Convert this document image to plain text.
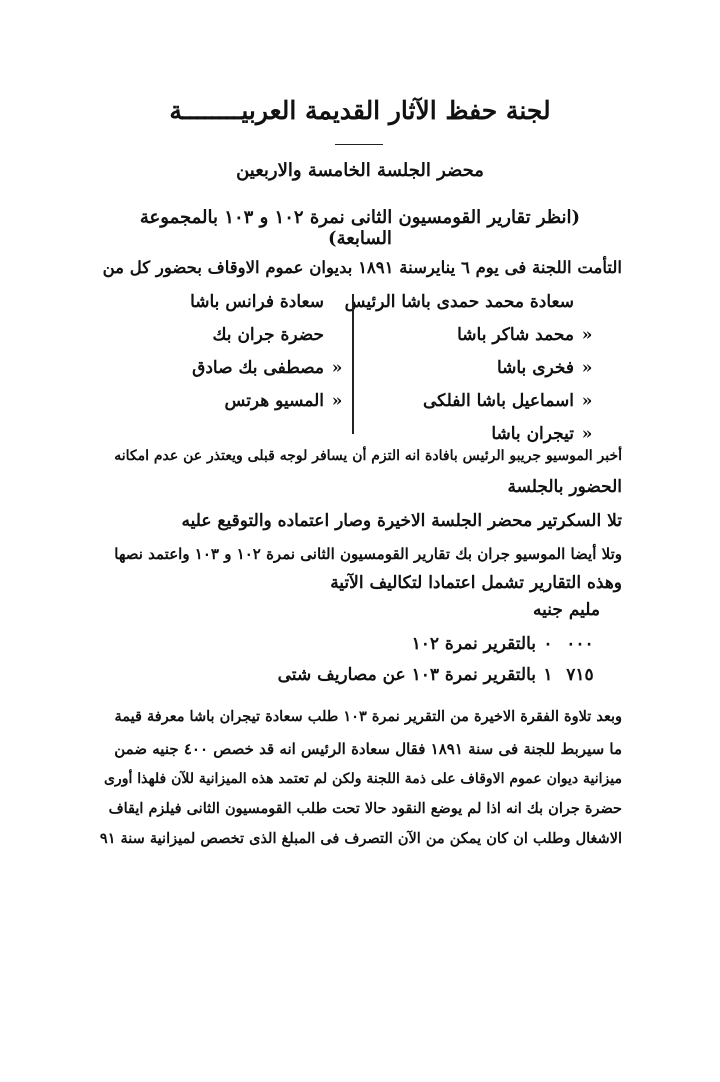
لجنة حفظ الآثار القديمة العربيــــــــة
محضر الجلسة الخامسة والاربعين
(انظر تقارير القومسيون الثانى نمرة ١٠٢ و ١٠٣ بالمجموعة السابعة)
التأمت اللجنة فى يوم ٦ ينايرسنة ١٨٩١ بديوان عموم الاوقاف بحضور كل من
سعادة محمد حمدى باشا الرئيس
«محمد شاكر باشا
«فخرى باشا
«اسماعيل باشا الفلكى
«تيجران باشا
سعادة فرانس باشا
حضرة جران بك
«مصطفى بك صادق
«المسيو هرتس
أخبر الموسيو جريبو الرئيس بافادة انه التزم أن يسافر لوجه قبلى ويعتذر عن عدم امكانه
الحضور بالجلسة
تلا السكرتير محضر الجلسة الاخيرة وصار اعتماده والتوقيع عليه
وتلا أيضا الموسيو جران بك تقارير القومسيون الثانى نمرة ١٠٢ و ١٠٣ واعتمد نصها
وهذه التقارير تشمل اعتمادا لتكاليف الآتية
مليم جنيه
٠٠٠٠بالتقرير نمرة ١٠٢
٧١٥١بالتقرير نمرة ١٠٣ عن مصاريف شتى
وبعد تلاوة الفقرة الاخيرة من التقرير نمرة ١٠٣ طلب سعادة تيجران باشا معرفة قيمة
ما سيربط للجنة فى سنة ١٨٩١ فقال سعادة الرئيس انه قد خصص ٤٠٠ جنيه ضمن
ميزانية ديوان عموم الاوقاف على ذمة اللجنة ولكن لم تعتمد هذه الميزانية للآن فلهذا أورى
حضرة جران بك انه اذا لم يوضع النقود حالا تحت طلب القومسيون الثانى فيلزم ايقاف
الاشغال وطلب ان كان يمكن من الآن التصرف فى المبلغ الذى تخصص لميزانية سنة ٩١
